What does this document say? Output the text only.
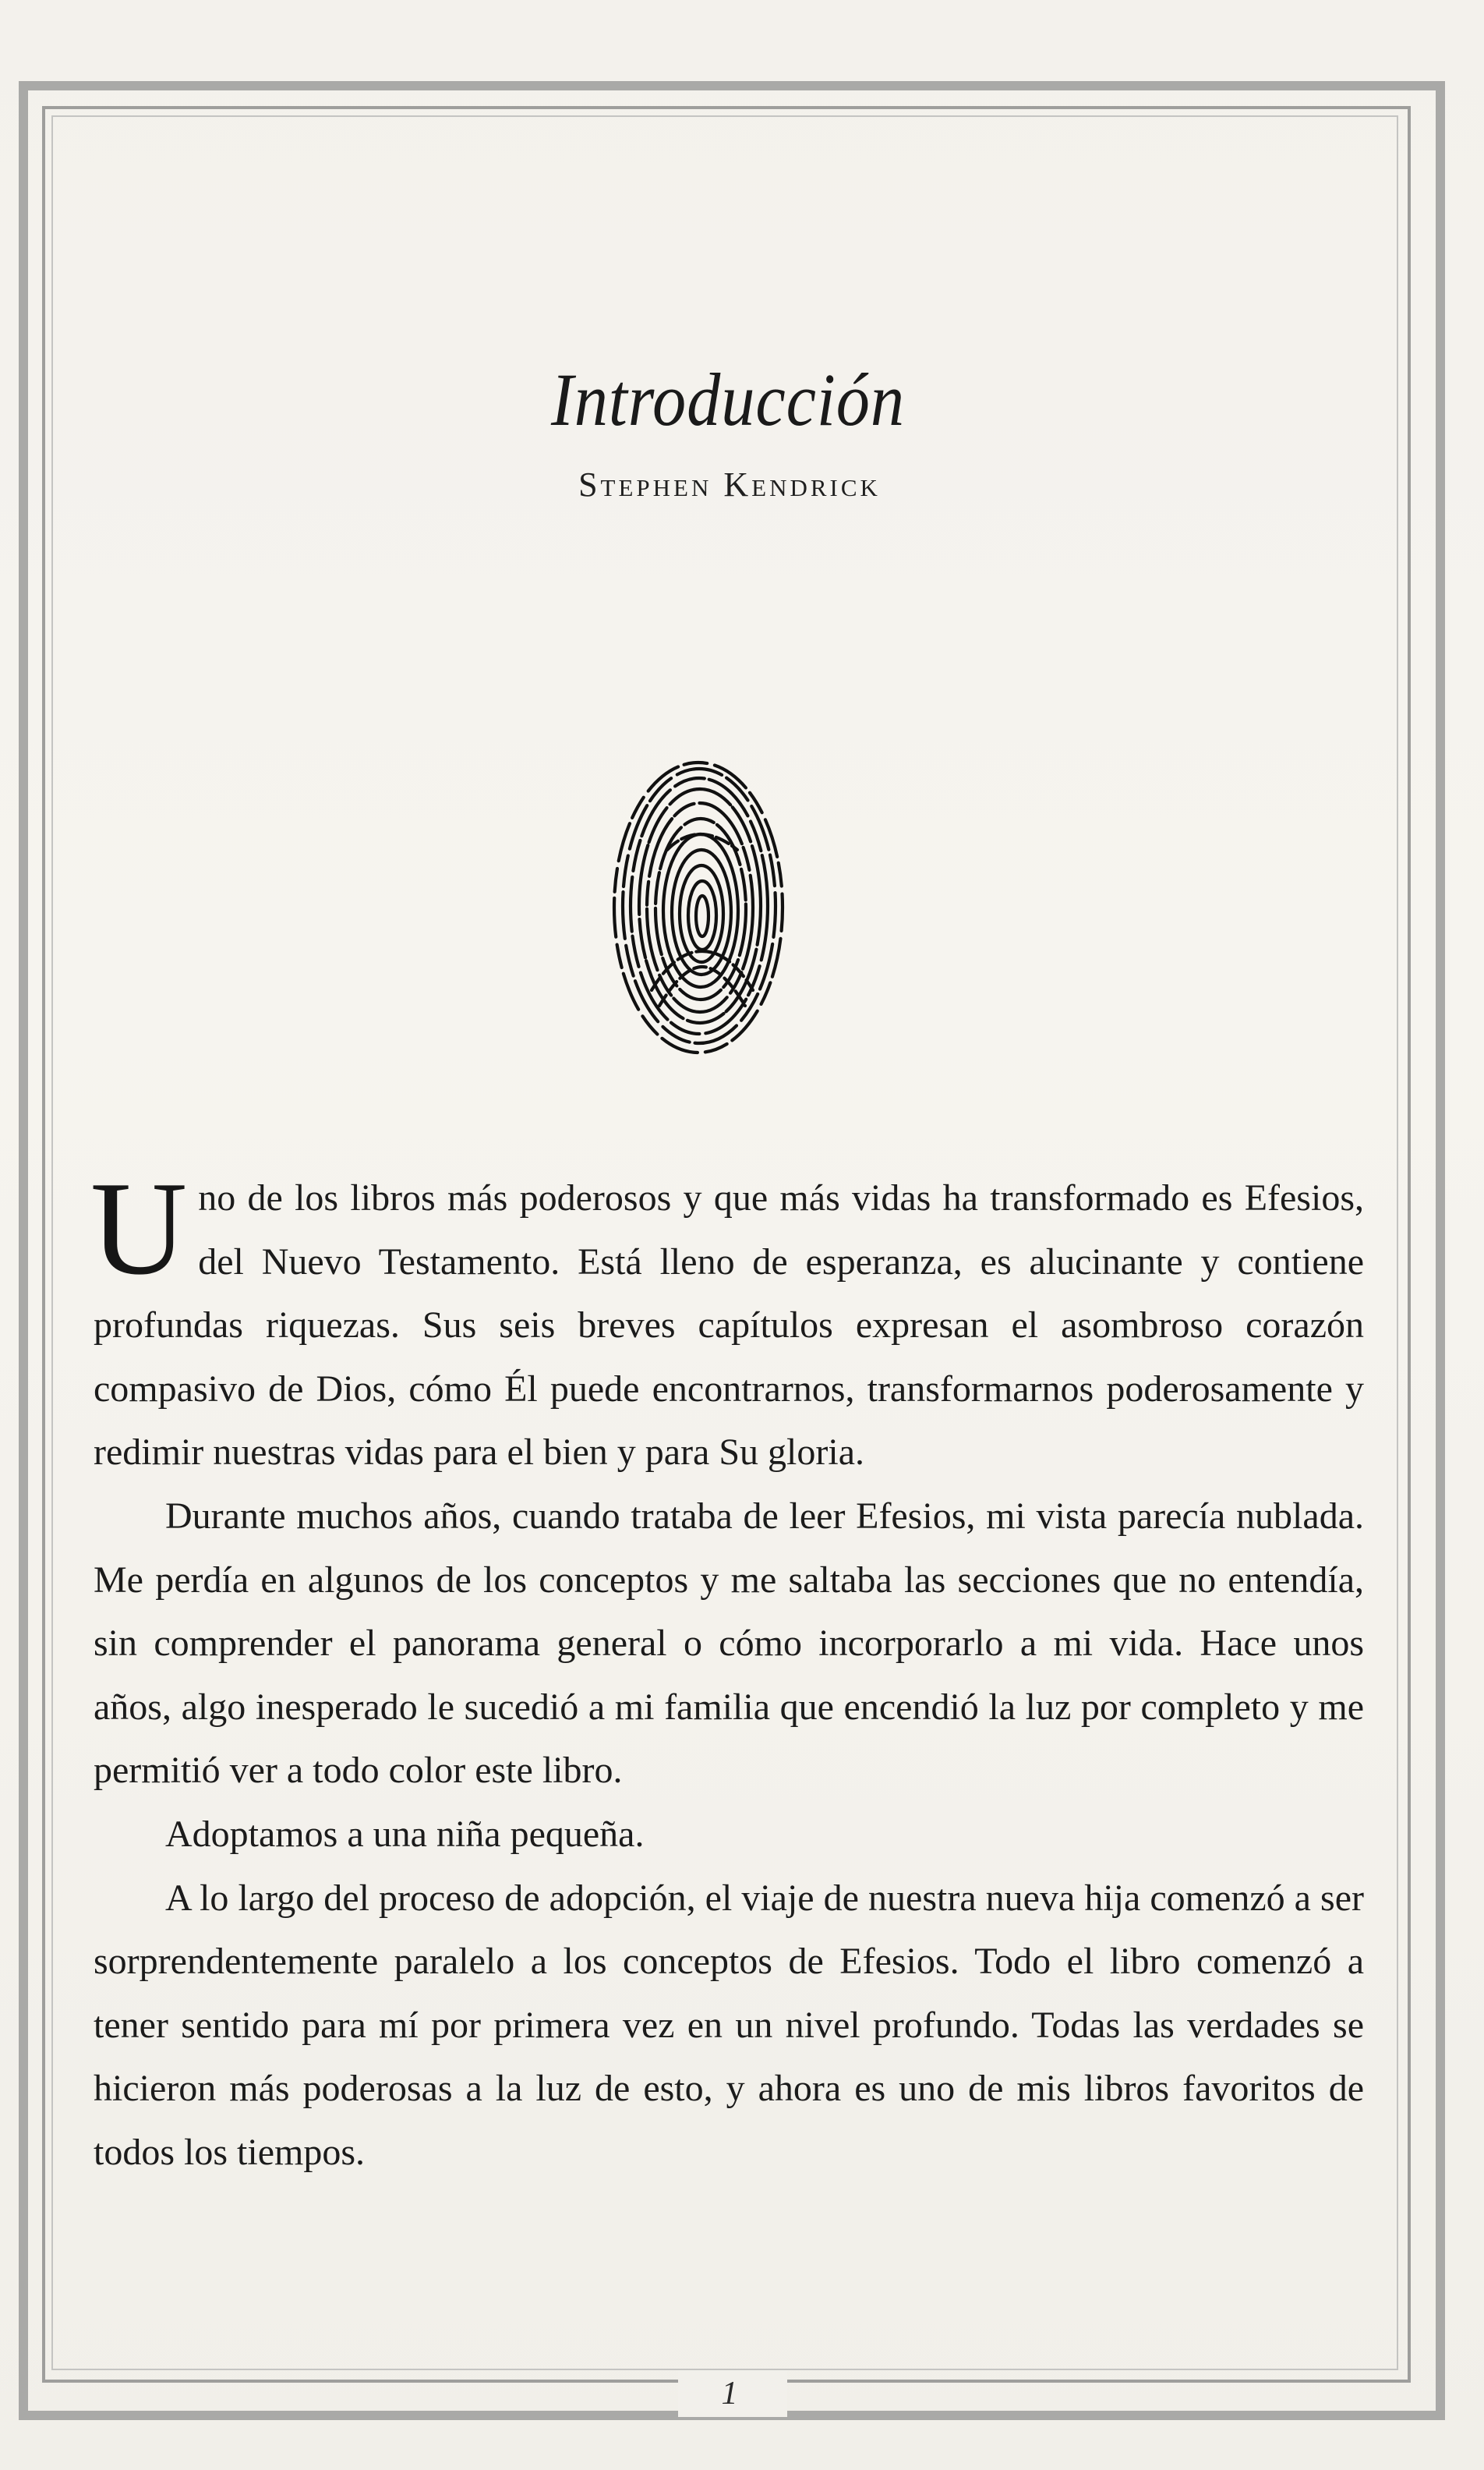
Introducción
Stephen Kendrick

Uno de los libros más poderosos y que más vidas ha transformado es Efesios, del Nuevo Testamento. Está lleno de esperanza, es alucinante y contiene profundas riquezas. Sus seis breves capítulos expresan el asombroso corazón compasivo de Dios, cómo Él puede encontrarnos, transformarnos poderosamente y redimir nuestras vidas para el bien y para Su gloria.

Durante muchos años, cuando trataba de leer Efesios, mi vista parecía nublada. Me perdía en algunos de los conceptos y me saltaba las secciones que no entendía, sin comprender el panorama general o cómo incorporarlo a mi vida. Hace unos años, algo inesperado le sucedió a mi familia que encendió la luz por completo y me permitió ver a todo color este libro.

Adoptamos a una niña pequeña.

A lo largo del proceso de adopción, el viaje de nuestra nueva hija comenzó a ser sorprendentemente paralelo a los conceptos de Efesios. Todo el libro comenzó a tener sentido para mí por primera vez en un nivel profundo. Todas las verdades se hicieron más poderosas a la luz de esto, y ahora es uno de mis libros favoritos de todos los tiempos.

1
